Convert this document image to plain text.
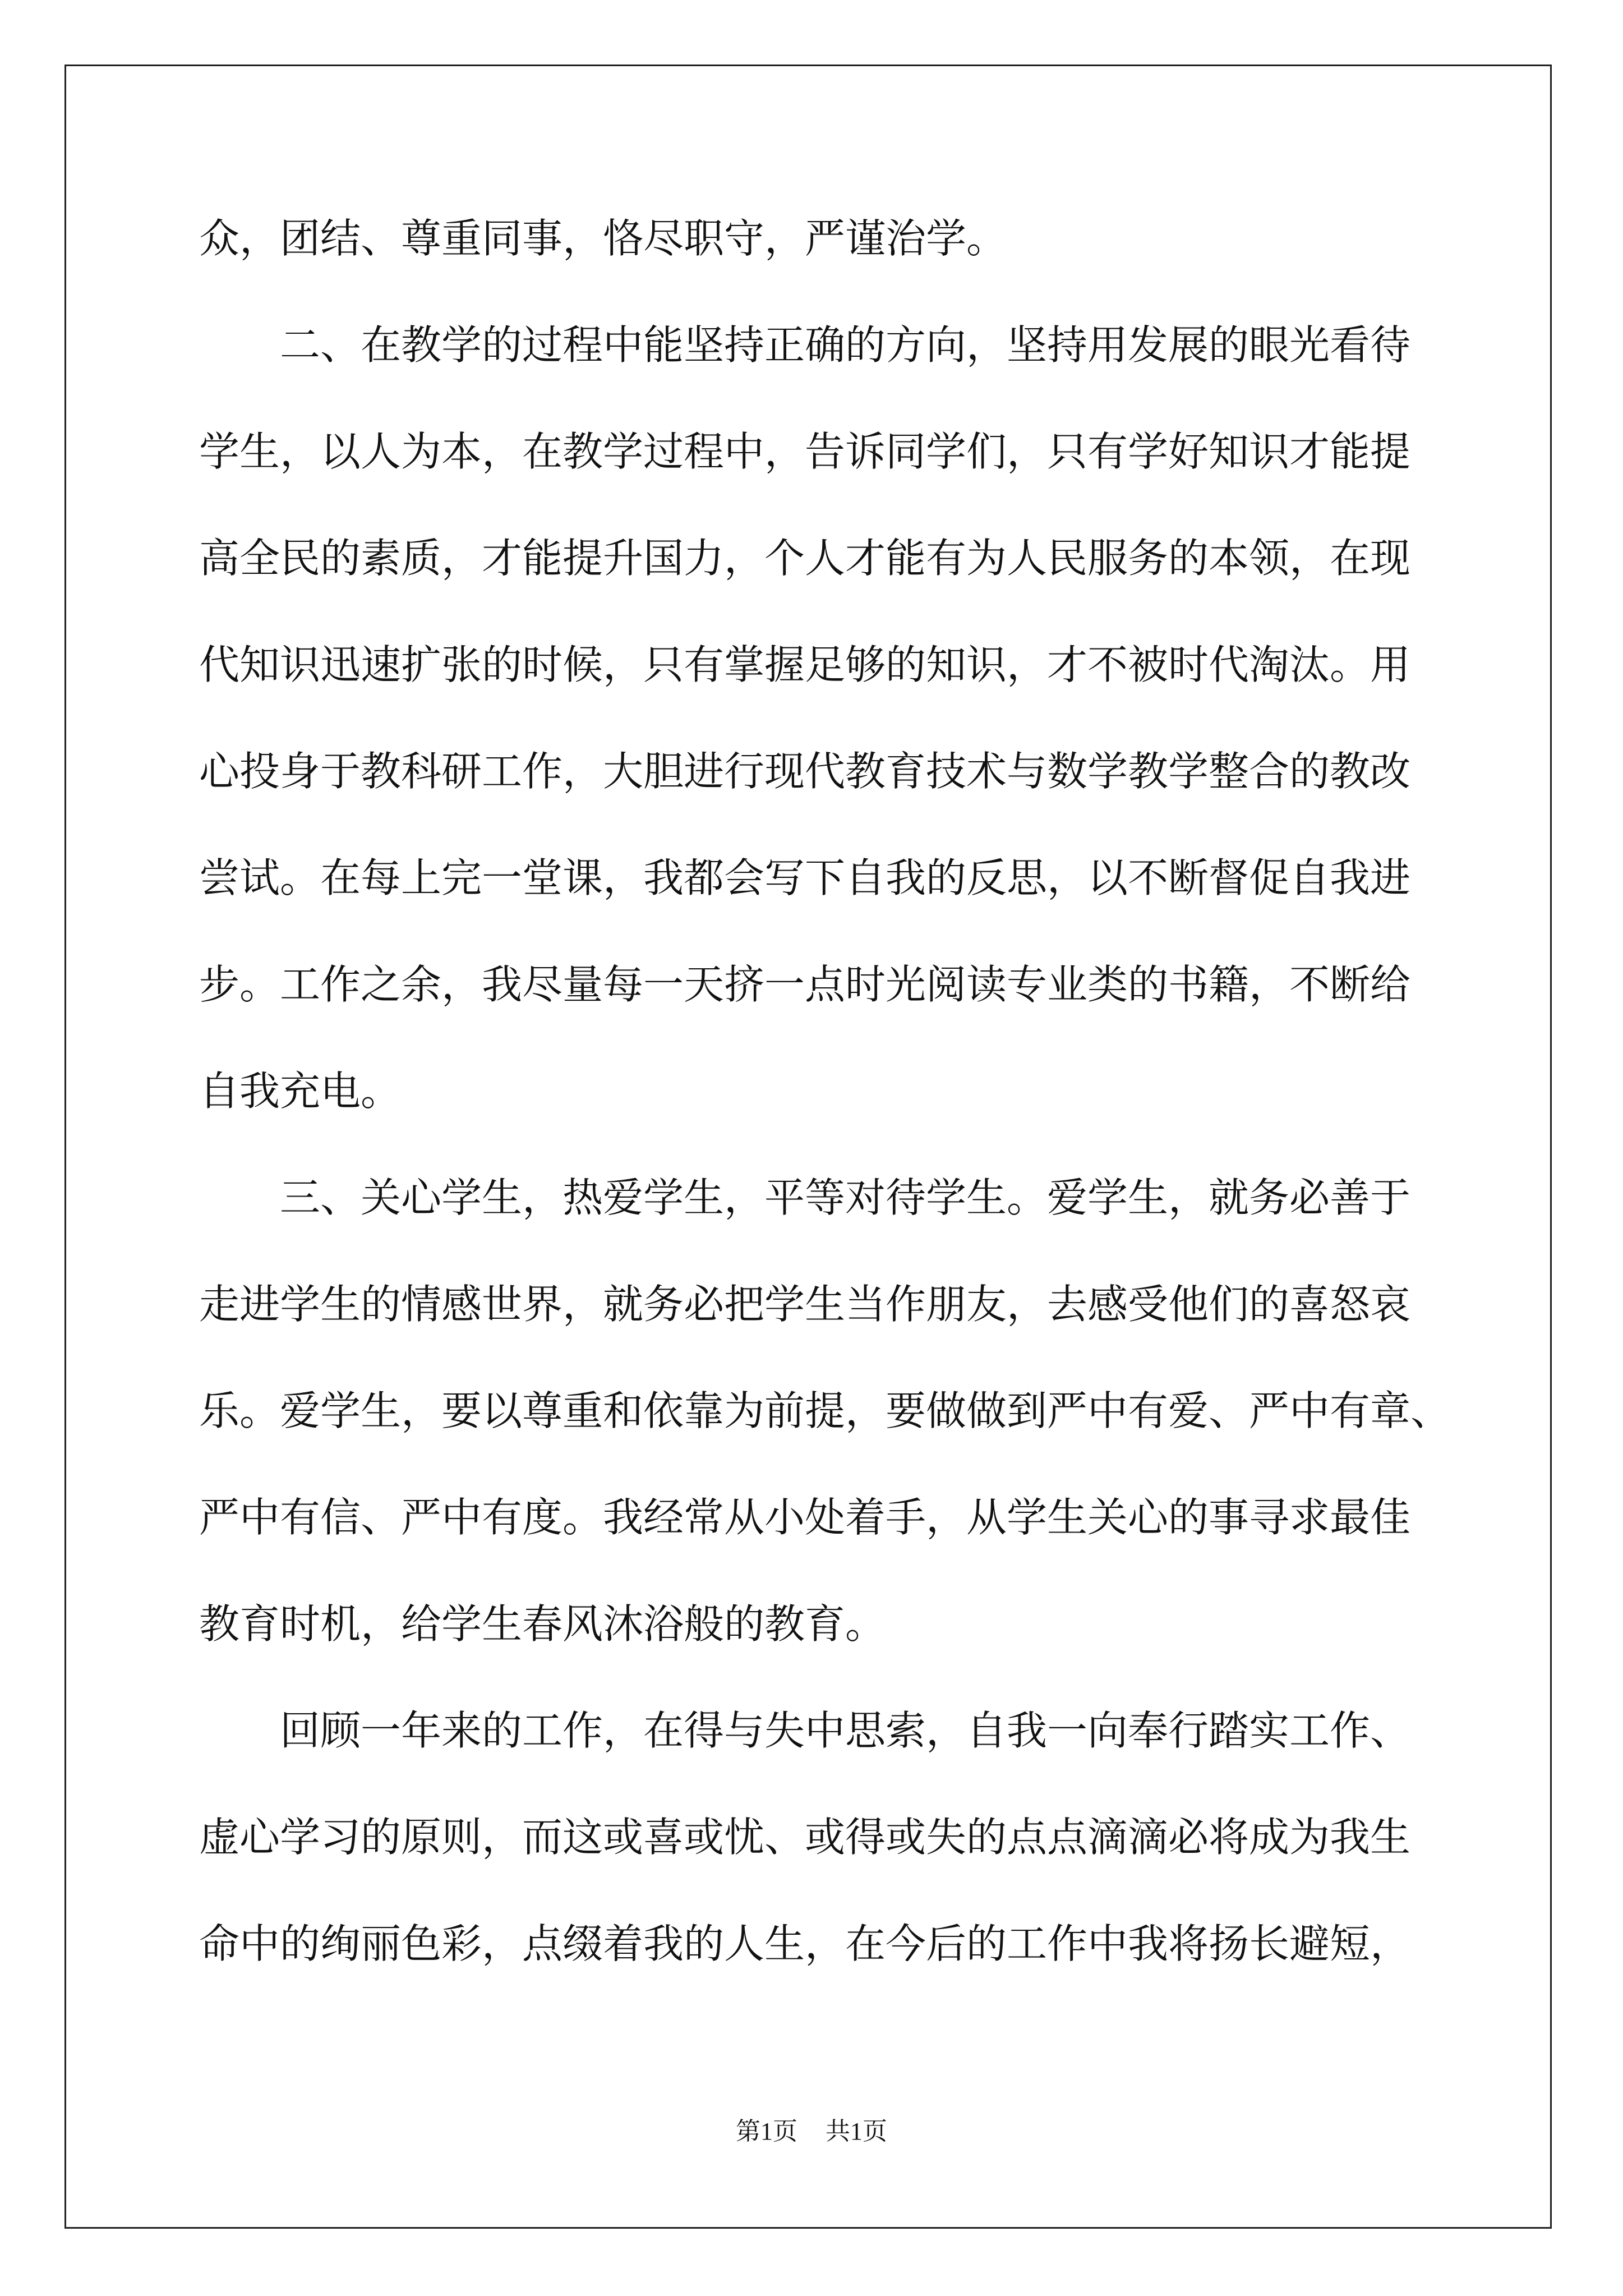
众，团结、尊重同事，恪尽职守，严谨治学。
二、在教学的过程中能坚持正确的方向，坚持用发展的眼光看待
学生，以人为本，在教学过程中，告诉同学们，只有学好知识才能提
高全民的素质，才能提升国力，个人才能有为人民服务的本领，在现
代知识迅速扩张的时候，只有掌握足够的知识，才不被时代淘汰。用
心投身于教科研工作，大胆进行现代教育技术与数学教学整合的教改
尝试。在每上完一堂课，我都会写下自我的反思，以不断督促自我进
步。工作之余，我尽量每一天挤一点时光阅读专业类的书籍，不断给
自我充电。
三、关心学生，热爱学生，平等对待学生。爱学生，就务必善于
走进学生的情感世界，就务必把学生当作朋友，去感受他们的喜怒哀
乐。爱学生，要以尊重和依靠为前提，要做做到严中有爱、严中有章、
严中有信、严中有度。我经常从小处着手，从学生关心的事寻求最佳
教育时机，给学生春风沐浴般的教育。
回顾一年来的工作，在得与失中思索，自我一向奉行踏实工作、
虚心学习的原则，而这或喜或忧、或得或失的点点滴滴必将成为我生
命中的绚丽色彩，点缀着我的人生，在今后的工作中我将扬长避短，
第1页 共1页
